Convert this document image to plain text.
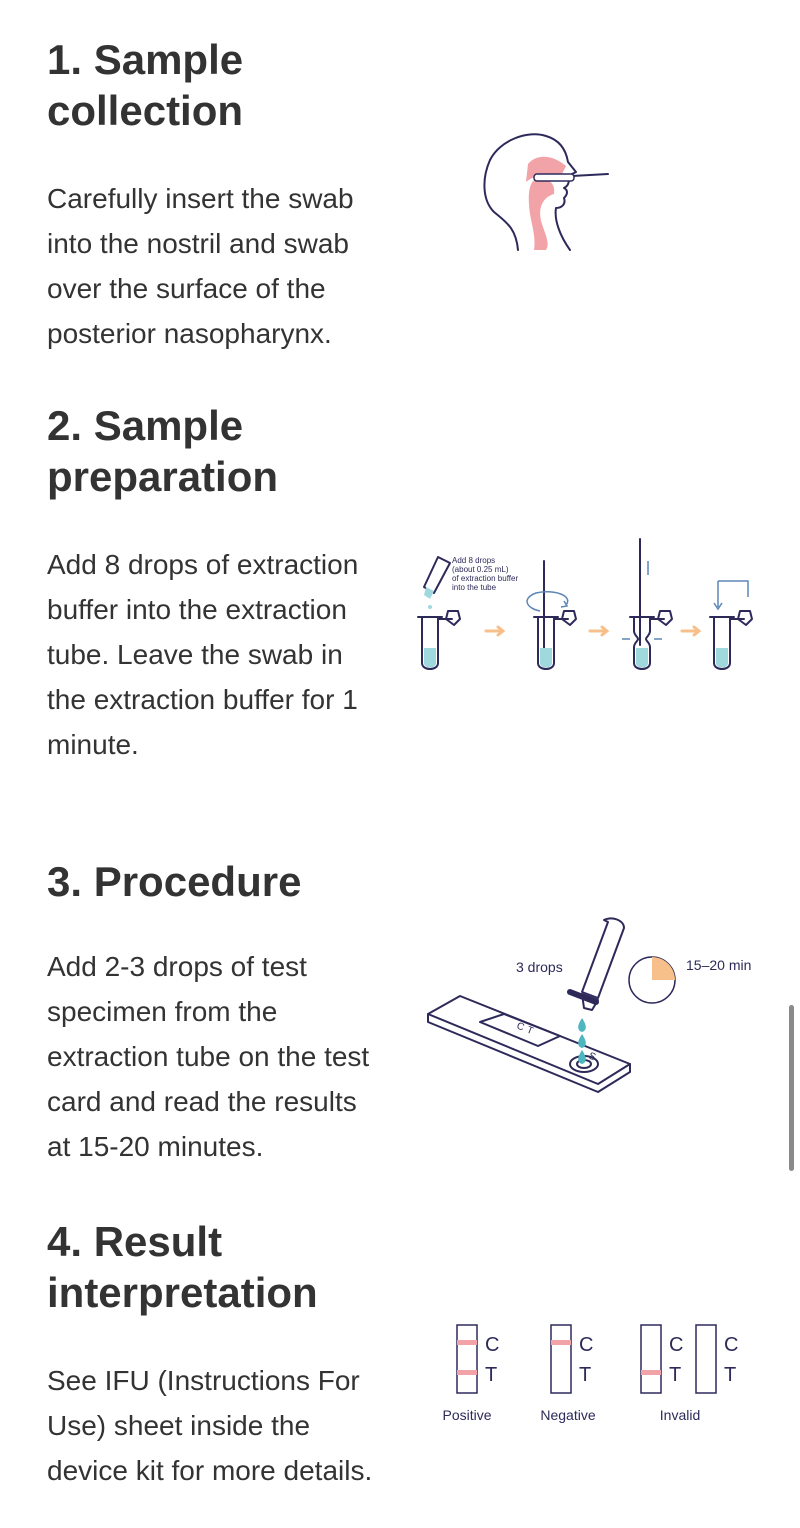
1. Sample collection

Carefully insert the swab into the nostril and swab over the surface of the posterior nasopharynx.

2. Sample preparation

Add 8 drops of extraction buffer into the extraction tube. Leave the swab in the extraction buffer for 1 minute.

Add 8 drops
(about 0.25 mL)
of extraction buffer
into the tube
3. Procedure

Add 2-3 drops of test specimen from the extraction tube on the test card and read the results at 15-20 minutes.

3 drops
C T
S
15–20 min
4. Result interpretation

See IFU (Instructions For Use) sheet inside the device kit for more details.

C
T
Positive
C
T
Negative
C
T
C
T
Invalid
